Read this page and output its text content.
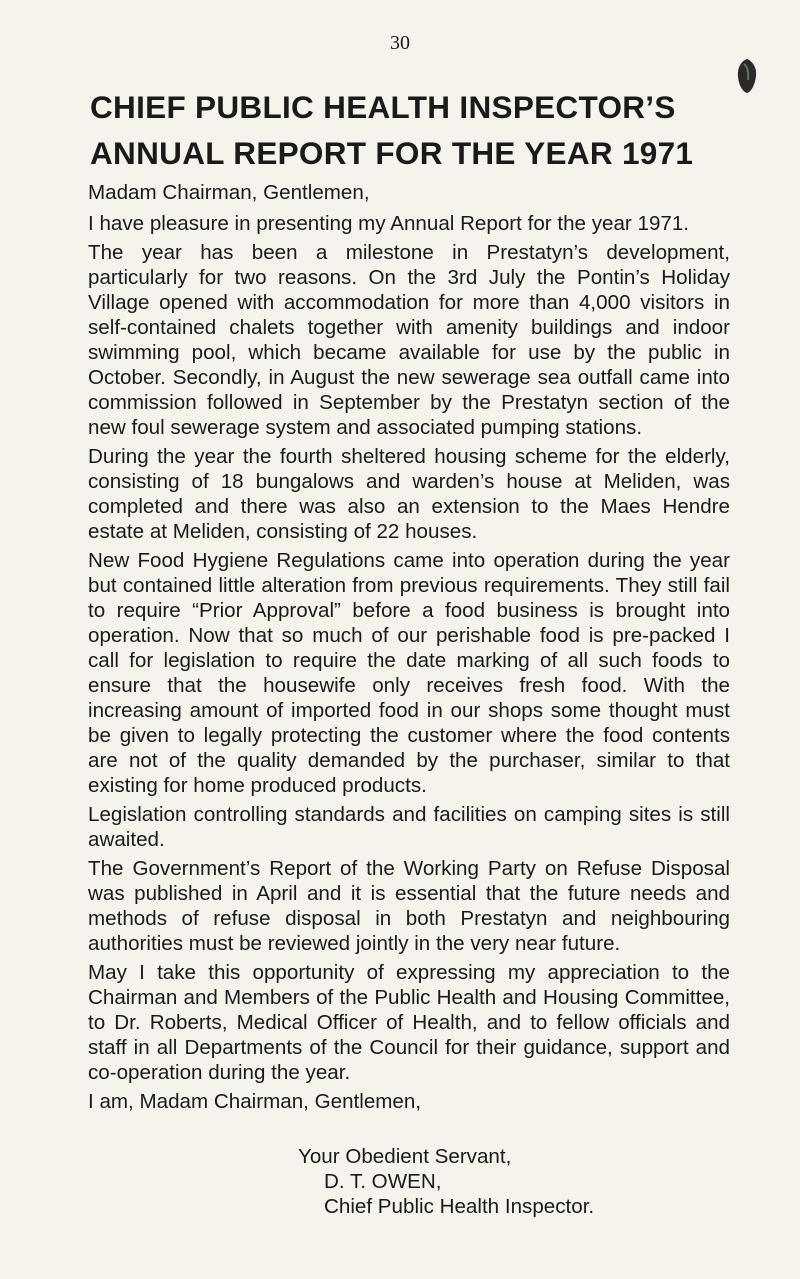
30
CHIEF PUBLIC HEALTH INSPECTOR’S
ANNUAL REPORT FOR THE YEAR 1971

Madam Chairman, Gentlemen,

I have pleasure in presenting my Annual Report for the year 1971.

The year has been a milestone in Prestatyn’s development, particularly for two reasons. On the 3rd July the Pontin’s Holiday Village opened with accommodation for more than 4,000 visitors in self-contained chalets together with amenity buildings and indoor swimming pool, which became available for use by the public in October. Secondly, in August the new sewerage sea outfall came into commission followed in September by the Prestatyn section of the new foul sewerage system and associated pumping stations.

During the year the fourth sheltered housing scheme for the elderly, consisting of 18 bungalows and warden’s house at Meliden, was completed and there was also an extension to the Maes Hendre estate at Meliden, consisting of 22 houses.

New Food Hygiene Regulations came into operation during the year but contained little alteration from previous requirements. They still fail to require “Prior Approval” before a food business is brought into operation. Now that so much of our perishable food is pre-packed I call for legislation to require the date marking of all such foods to ensure that the housewife only receives fresh food. With the increasing amount of imported food in our shops some thought must be given to legally protecting the customer where the food contents are not of the quality demanded by the purchaser, similar to that existing for home produced products.

Legislation controlling standards and facilities on camping sites is still awaited.

The Government’s Report of the Working Party on Refuse Disposal was published in April and it is essential that the future needs and methods of refuse disposal in both Prestatyn and neighbouring authorities must be reviewed jointly in the very near future.

May I take this opportunity of expressing my appreciation to the Chairman and Members of the Public Health and Housing Committee, to Dr. Roberts, Medical Officer of Health, and to fellow officials and staff in all Departments of the Council for their guidance, support and co-operation during the year.

I am, Madam Chairman, Gentlemen,

Your Obedient Servant,
D. T. OWEN,
Chief Public Health Inspector.
